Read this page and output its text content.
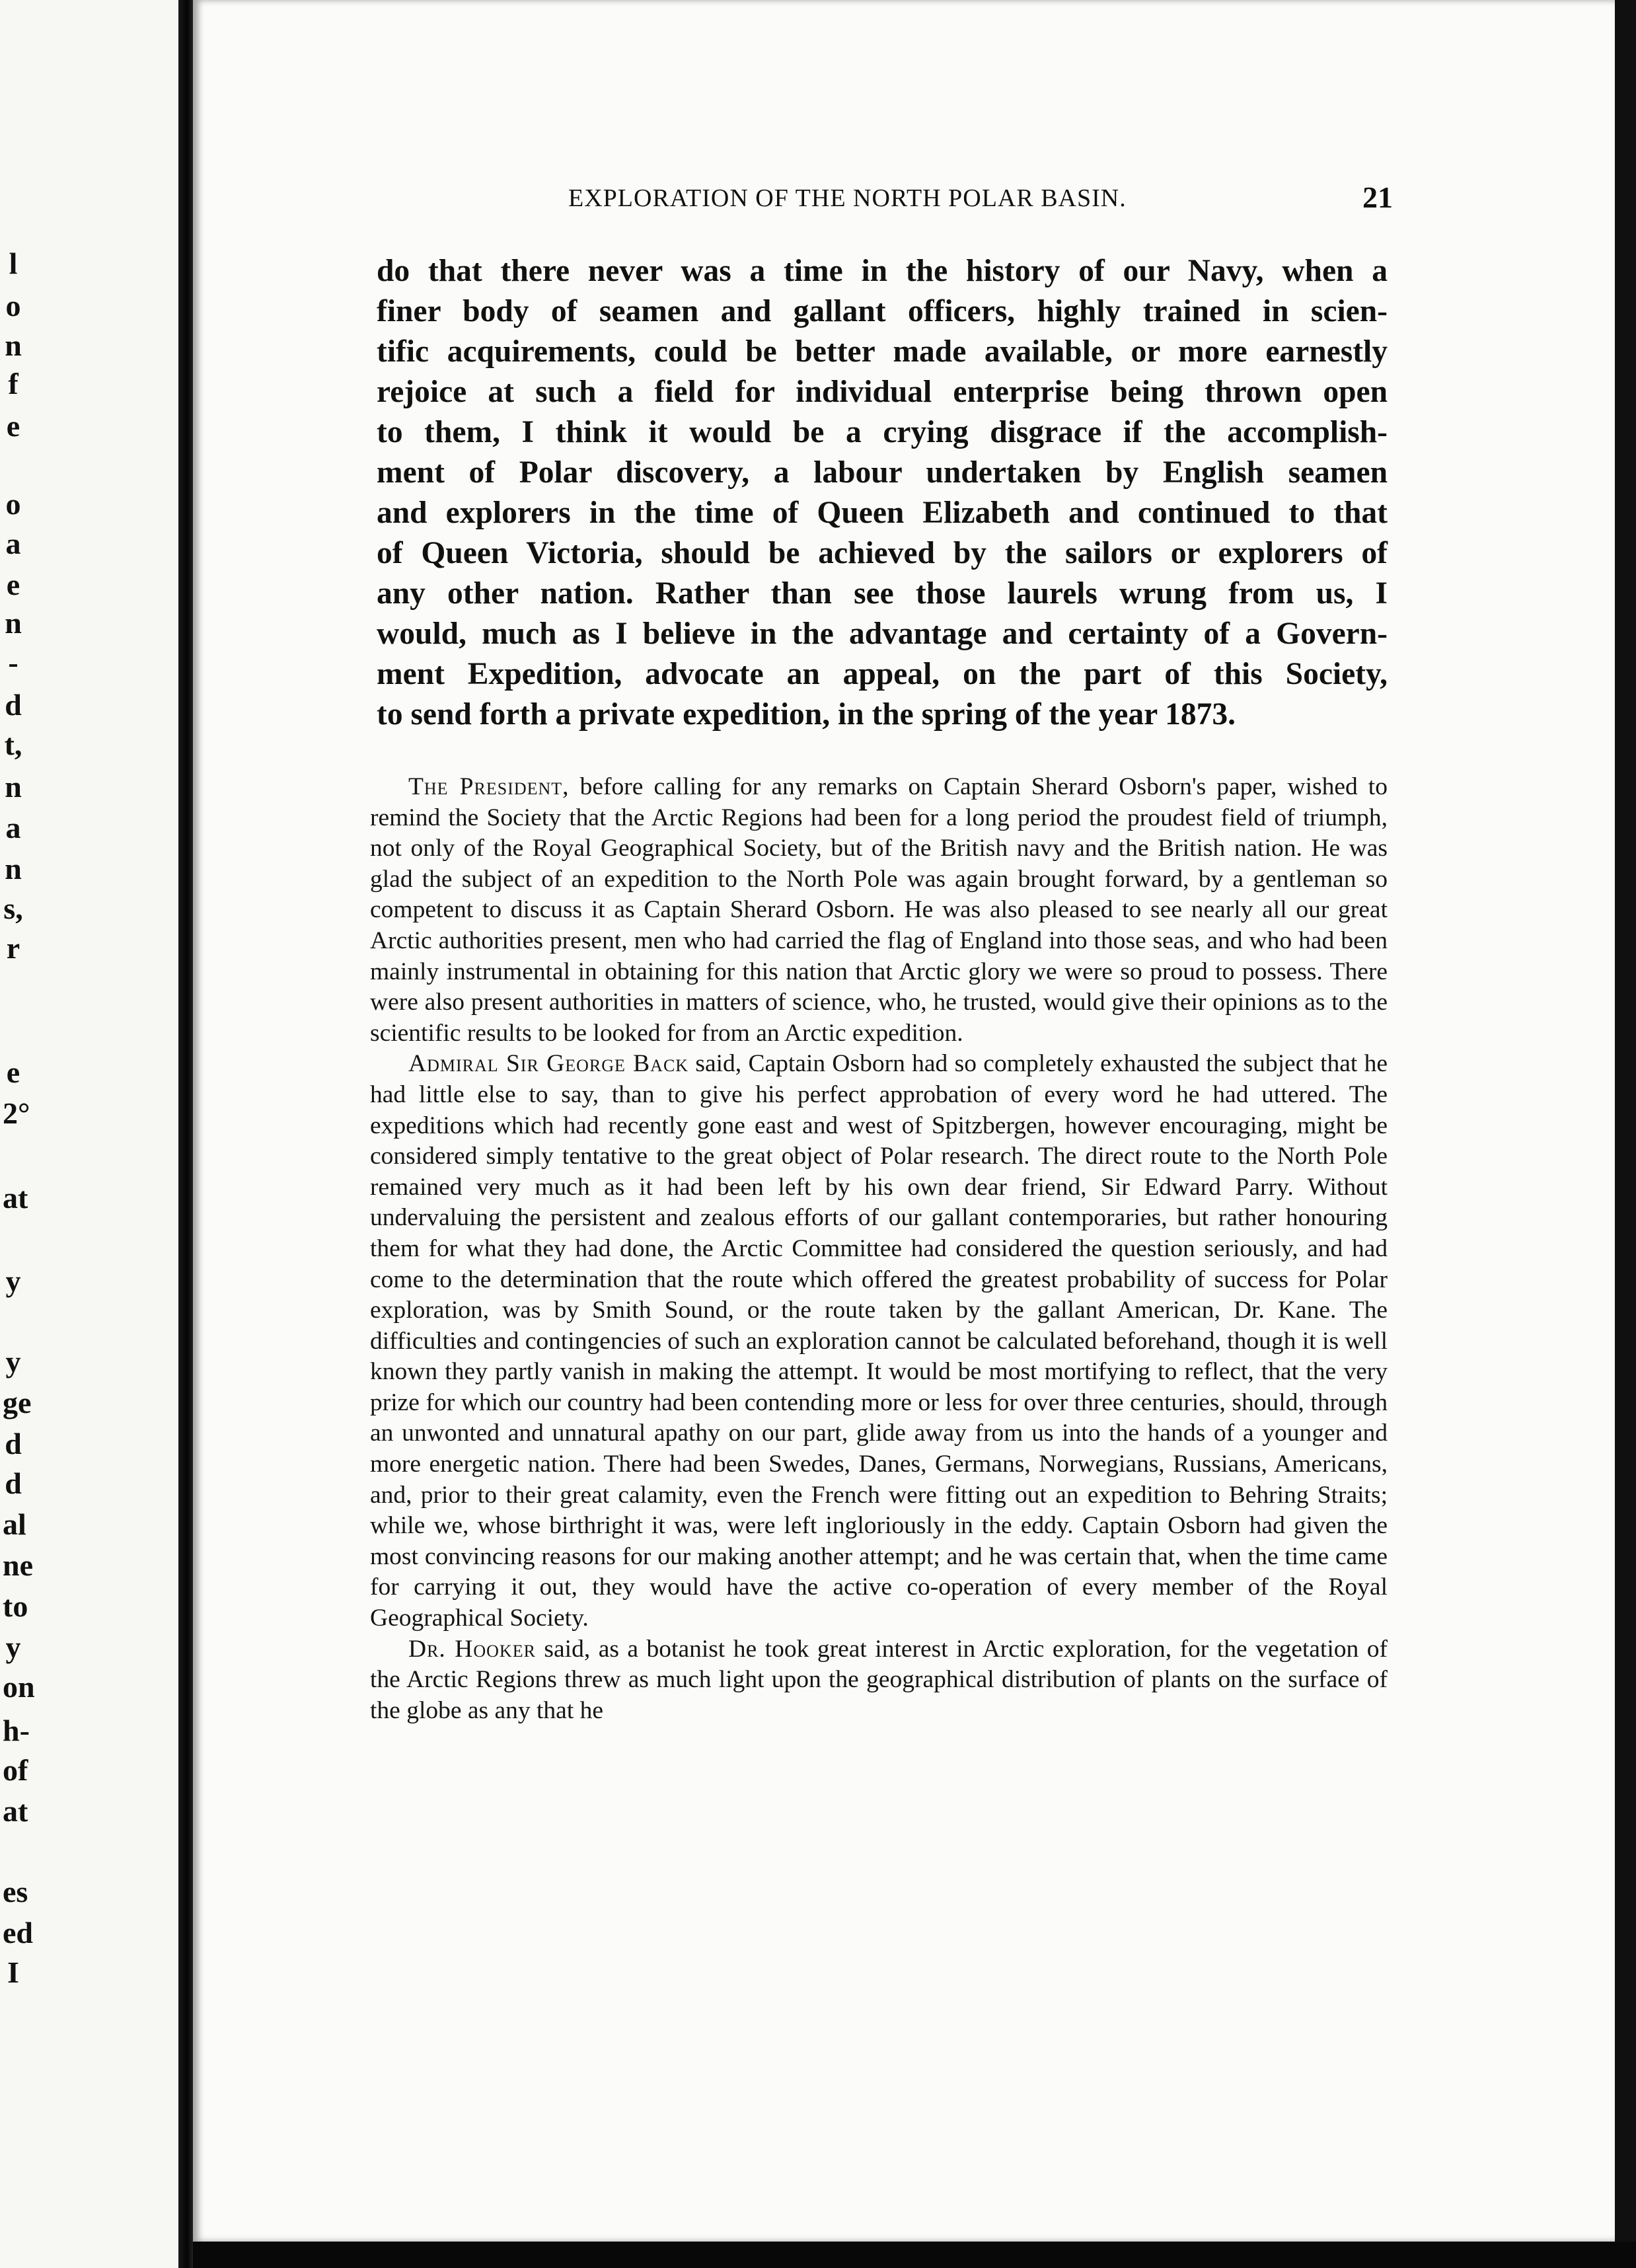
l
o
n
f
e
o
a
e
n
-
d
t,
n
a
n
s,
r
e
2°
at
y
y
ge
d
d
al
ne
to
y
on
h-
of
at
es
ed
I
EXPLORATION OF THE NORTH POLAR BASIN.	21
do that there never was a time in the history of our Navy, when a
finer body of seamen and gallant officers, highly trained in scien-
tific acquirements, could be better made available, or more earnestly
rejoice at such a field for individual enterprise being thrown open
to them, I think it would be a crying disgrace if the accomplish-
ment of Polar discovery, a labour undertaken by English seamen
and explorers in the time of Queen Elizabeth and continued to that
of Queen Victoria, should be achieved by the sailors or explorers of
any other nation. Rather than see those laurels wrung from us, I
would, much as I believe in the advantage and certainty of a Govern-
ment Expedition, advocate an appeal, on the part of this Society,
to send forth a private expedition, in the spring of the year 1873.

The President, before calling for any remarks on Captain Sherard Osborn's paper, wished to remind the Society that the Arctic Regions had been for a long period the proudest field of triumph, not only of the Royal Geographical Society, but of the British navy and the British nation. He was glad the subject of an expedition to the North Pole was again brought forward, by a gentleman so competent to discuss it as Captain Sherard Osborn. He was also pleased to see nearly all our great Arctic authorities present, men who had carried the flag of England into those seas, and who had been mainly instrumental in obtaining for this nation that Arctic glory we were so proud to possess. There were also present authorities in matters of science, who, he trusted, would give their opinions as to the scientific results to be looked for from an Arctic expedition.

Admiral Sir George Back said, Captain Osborn had so completely exhausted the subject that he had little else to say, than to give his perfect approbation of every word he had uttered. The expeditions which had recently gone east and west of Spitzbergen, however encouraging, might be considered simply tentative to the great object of Polar research. The direct route to the North Pole remained very much as it had been left by his own dear friend, Sir Edward Parry. Without undervaluing the persistent and zealous efforts of our gallant contemporaries, but rather honouring them for what they had done, the Arctic Committee had considered the question seriously, and had come to the determination that the route which offered the greatest probability of success for Polar exploration, was by Smith Sound, or the route taken by the gallant American, Dr. Kane. The difficulties and contingencies of such an exploration cannot be calculated beforehand, though it is well known they partly vanish in making the attempt. It would be most mortifying to reflect, that the very prize for which our country had been contending more or less for over three centuries, should, through an unwonted and unnatural apathy on our part, glide away from us into the hands of a younger and more energetic nation. There had been Swedes, Danes, Germans, Norwegians, Russians, Americans, and, prior to their great calamity, even the French were fitting out an expedition to Behring Straits; while we, whose birthright it was, were left ingloriously in the eddy. Captain Osborn had given the most convincing reasons for our making another attempt; and he was certain that, when the time came for carrying it out, they would have the active co-operation of every member of the Royal Geographical Society.

Dr. Hooker said, as a botanist he took great interest in Arctic exploration, for the vegetation of the Arctic Regions threw as much light upon the geographical distribution of plants on the surface of the globe as any that he
